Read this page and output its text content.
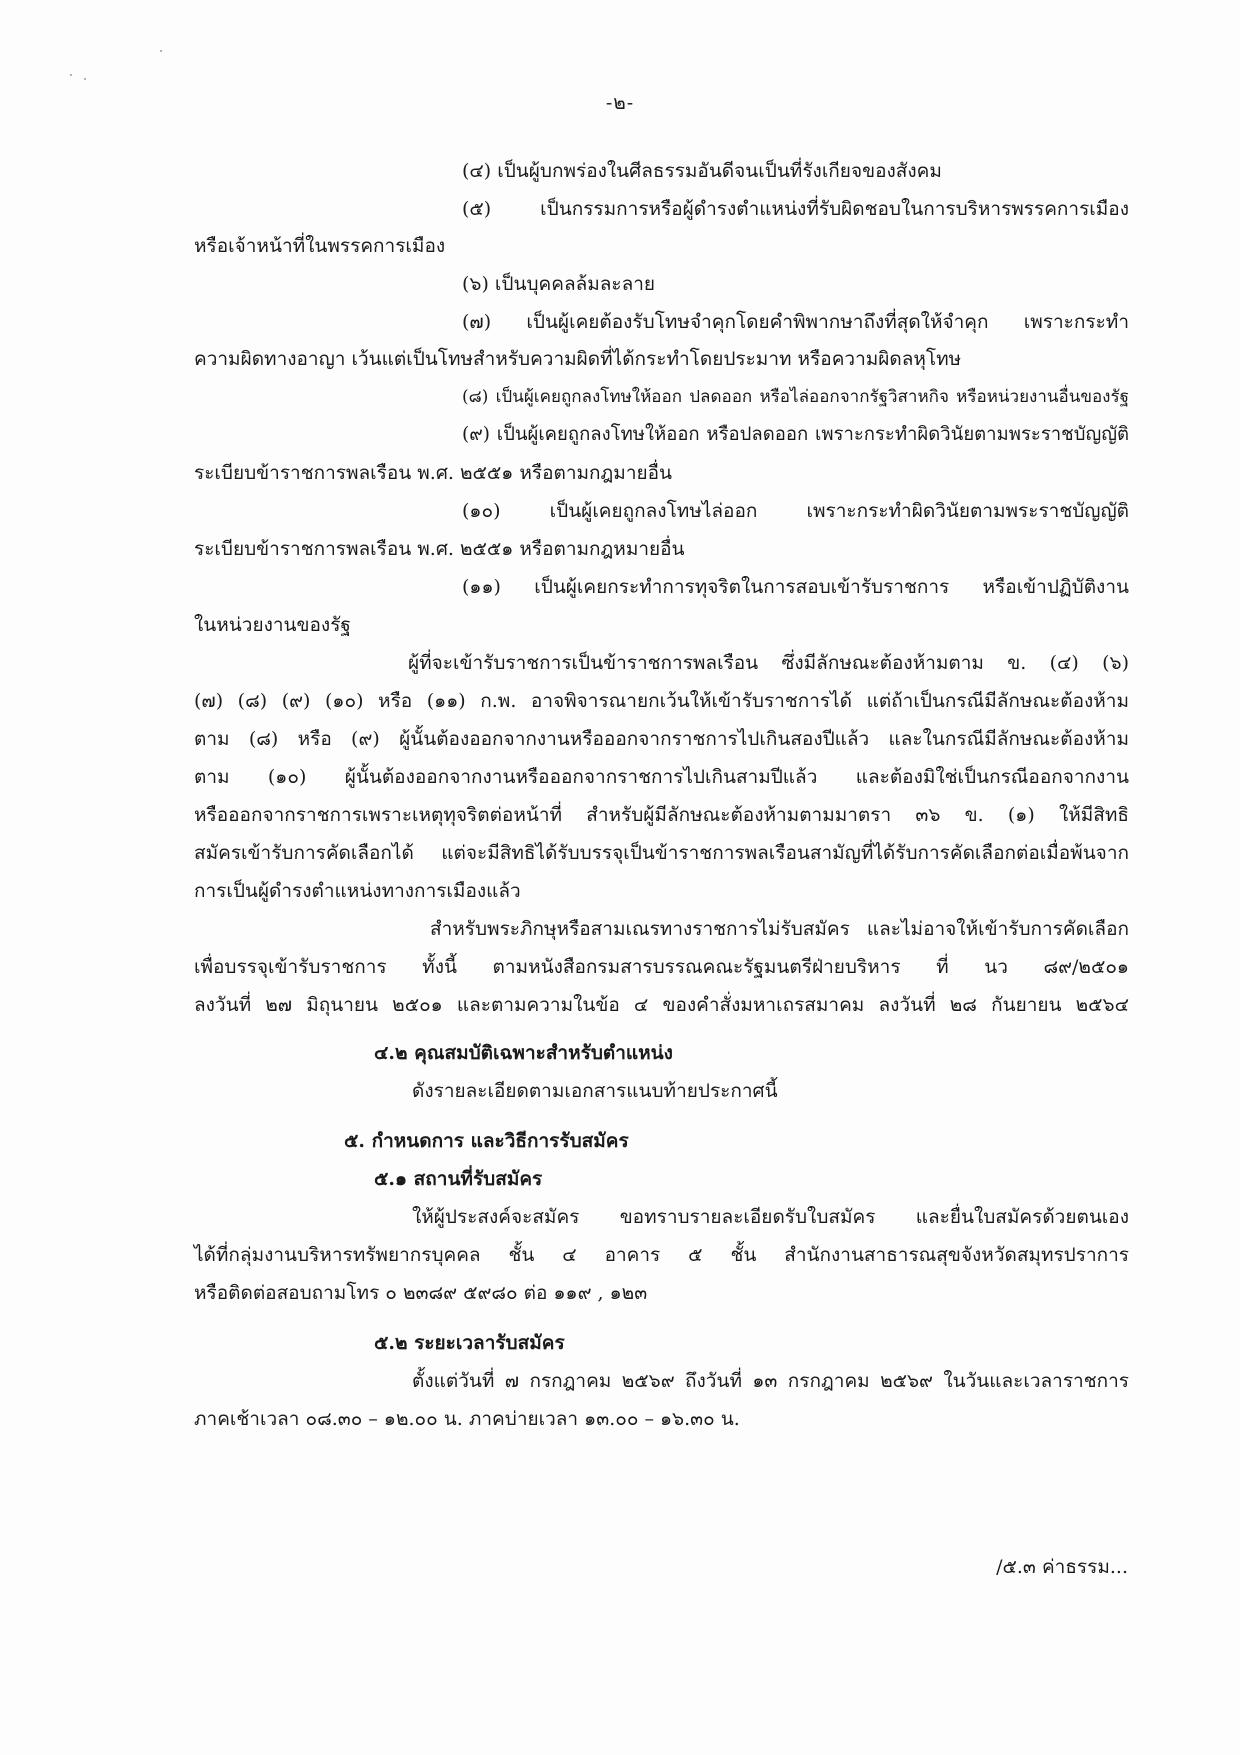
-๒-
(๔) เป็นผู้บกพร่องในศีลธรรมอันดีจนเป็นที่รังเกียจของสังคม
(๕) เป็นกรรมการหรือผู้ดำรงตำแหน่งที่รับผิดชอบในการบริหารพรรคการเมือง
หรือเจ้าหน้าที่ในพรรคการเมือง
(๖) เป็นบุคคลล้มละลาย
(๗) เป็นผู้เคยต้องรับโทษจำคุกโดยคำพิพากษาถึงที่สุดให้จำคุก เพราะกระทำ
ความผิดทางอาญา เว้นแต่เป็นโทษสำหรับความผิดที่ได้กระทำโดยประมาท หรือความผิดลหุโทษ
(๘) เป็นผู้เคยถูกลงโทษให้ออก ปลดออก หรือไล่ออกจากรัฐวิสาหกิจ หรือหน่วยงานอื่นของรัฐ
(๙) เป็นผู้เคยถูกลงโทษให้ออก หรือปลดออก เพราะกระทำผิดวินัยตามพระราชบัญญัติ
ระเบียบข้าราชการพลเรือน พ.ศ. ๒๕๕๑ หรือตามกฎมายอื่น
(๑๐) เป็นผู้เคยถูกลงโทษไล่ออก เพราะกระทำผิดวินัยตามพระราชบัญญัติ
ระเบียบข้าราชการพลเรือน พ.ศ. ๒๕๕๑ หรือตามกฎหมายอื่น
(๑๑) เป็นผู้เคยกระทำการทุจริตในการสอบเข้ารับราชการ หรือเข้าปฏิบัติงาน
ในหน่วยงานของรัฐ
ผู้ที่จะเข้ารับราชการเป็นข้าราชการพลเรือน ซึ่งมีลักษณะต้องห้ามตาม ข. (๔) (๖)
(๗) (๘) (๙) (๑๐) หรือ (๑๑) ก.พ. อาจพิจารณายกเว้นให้เข้ารับราชการได้ แต่ถ้าเป็นกรณีมีลักษณะต้องห้าม
ตาม (๘) หรือ (๙) ผู้นั้นต้องออกจากงานหรือออกจากราชการไปเกินสองปีแล้ว และในกรณีมีลักษณะต้องห้าม
ตาม (๑๐) ผู้นั้นต้องออกจากงานหรือออกจากราชการไปเกินสามปีแล้ว และต้องมิใช่เป็นกรณีออกจากงาน
หรือออกจากราชการเพราะเหตุทุจริตต่อหน้าที่ สำหรับผู้มีลักษณะต้องห้ามตามมาตรา ๓๖ ข. (๑) ให้มีสิทธิ
สมัครเข้ารับการคัดเลือกได้ แต่จะมีสิทธิได้รับบรรจุเป็นข้าราชการพลเรือนสามัญที่ได้รับการคัดเลือกต่อเมื่อพ้นจาก
การเป็นผู้ดำรงตำแหน่งทางการเมืองแล้ว
สำหรับพระภิกษุหรือสามเณรทางราชการไม่รับสมัคร และไม่อาจให้เข้ารับการคัดเลือก
เพื่อบรรจุเข้ารับราชการ ทั้งนี้ ตามหนังสือกรมสารบรรณคณะรัฐมนตรีฝ่ายบริหาร ที่ นว ๘๙/๒๕๐๑
ลงวันที่ ๒๗ มิถุนายน ๒๕๐๑ และตามความในข้อ ๔ ของคำสั่งมหาเถรสมาคม ลงวันที่ ๒๘ กันยายน ๒๕๖๔
๔.๒ คุณสมบัติเฉพาะสำหรับตำแหน่ง
ดังรายละเอียดตามเอกสารแนบท้ายประกาศนี้
๕. กำหนดการ และวิธีการรับสมัคร
๕.๑ สถานที่รับสมัคร
ให้ผู้ประสงค์จะสมัคร ขอทราบรายละเอียดรับใบสมัคร และยื่นใบสมัครด้วยตนเอง
ได้ที่กลุ่มงานบริหารทรัพยากรบุคคล ชั้น ๔ อาคาร ๕ ชั้น สำนักงานสาธารณสุขจังหวัดสมุทรปราการ
หรือติดต่อสอบถามโทร ๐ ๒๓๘๙ ๕๙๘๐ ต่อ ๑๑๙ , ๑๒๓
๕.๒ ระยะเวลารับสมัคร
ตั้งแต่วันที่ ๗ กรกฎาคม ๒๕๖๙ ถึงวันที่ ๑๓ กรกฎาคม ๒๕๖๙ ในวันและเวลาราชการ
ภาคเช้าเวลา ๐๘.๓๐ – ๑๒.๐๐ น. ภาคบ่ายเวลา ๑๓.๐๐ – ๑๖.๓๐ น.
/๕.๓ ค่าธรรม...
